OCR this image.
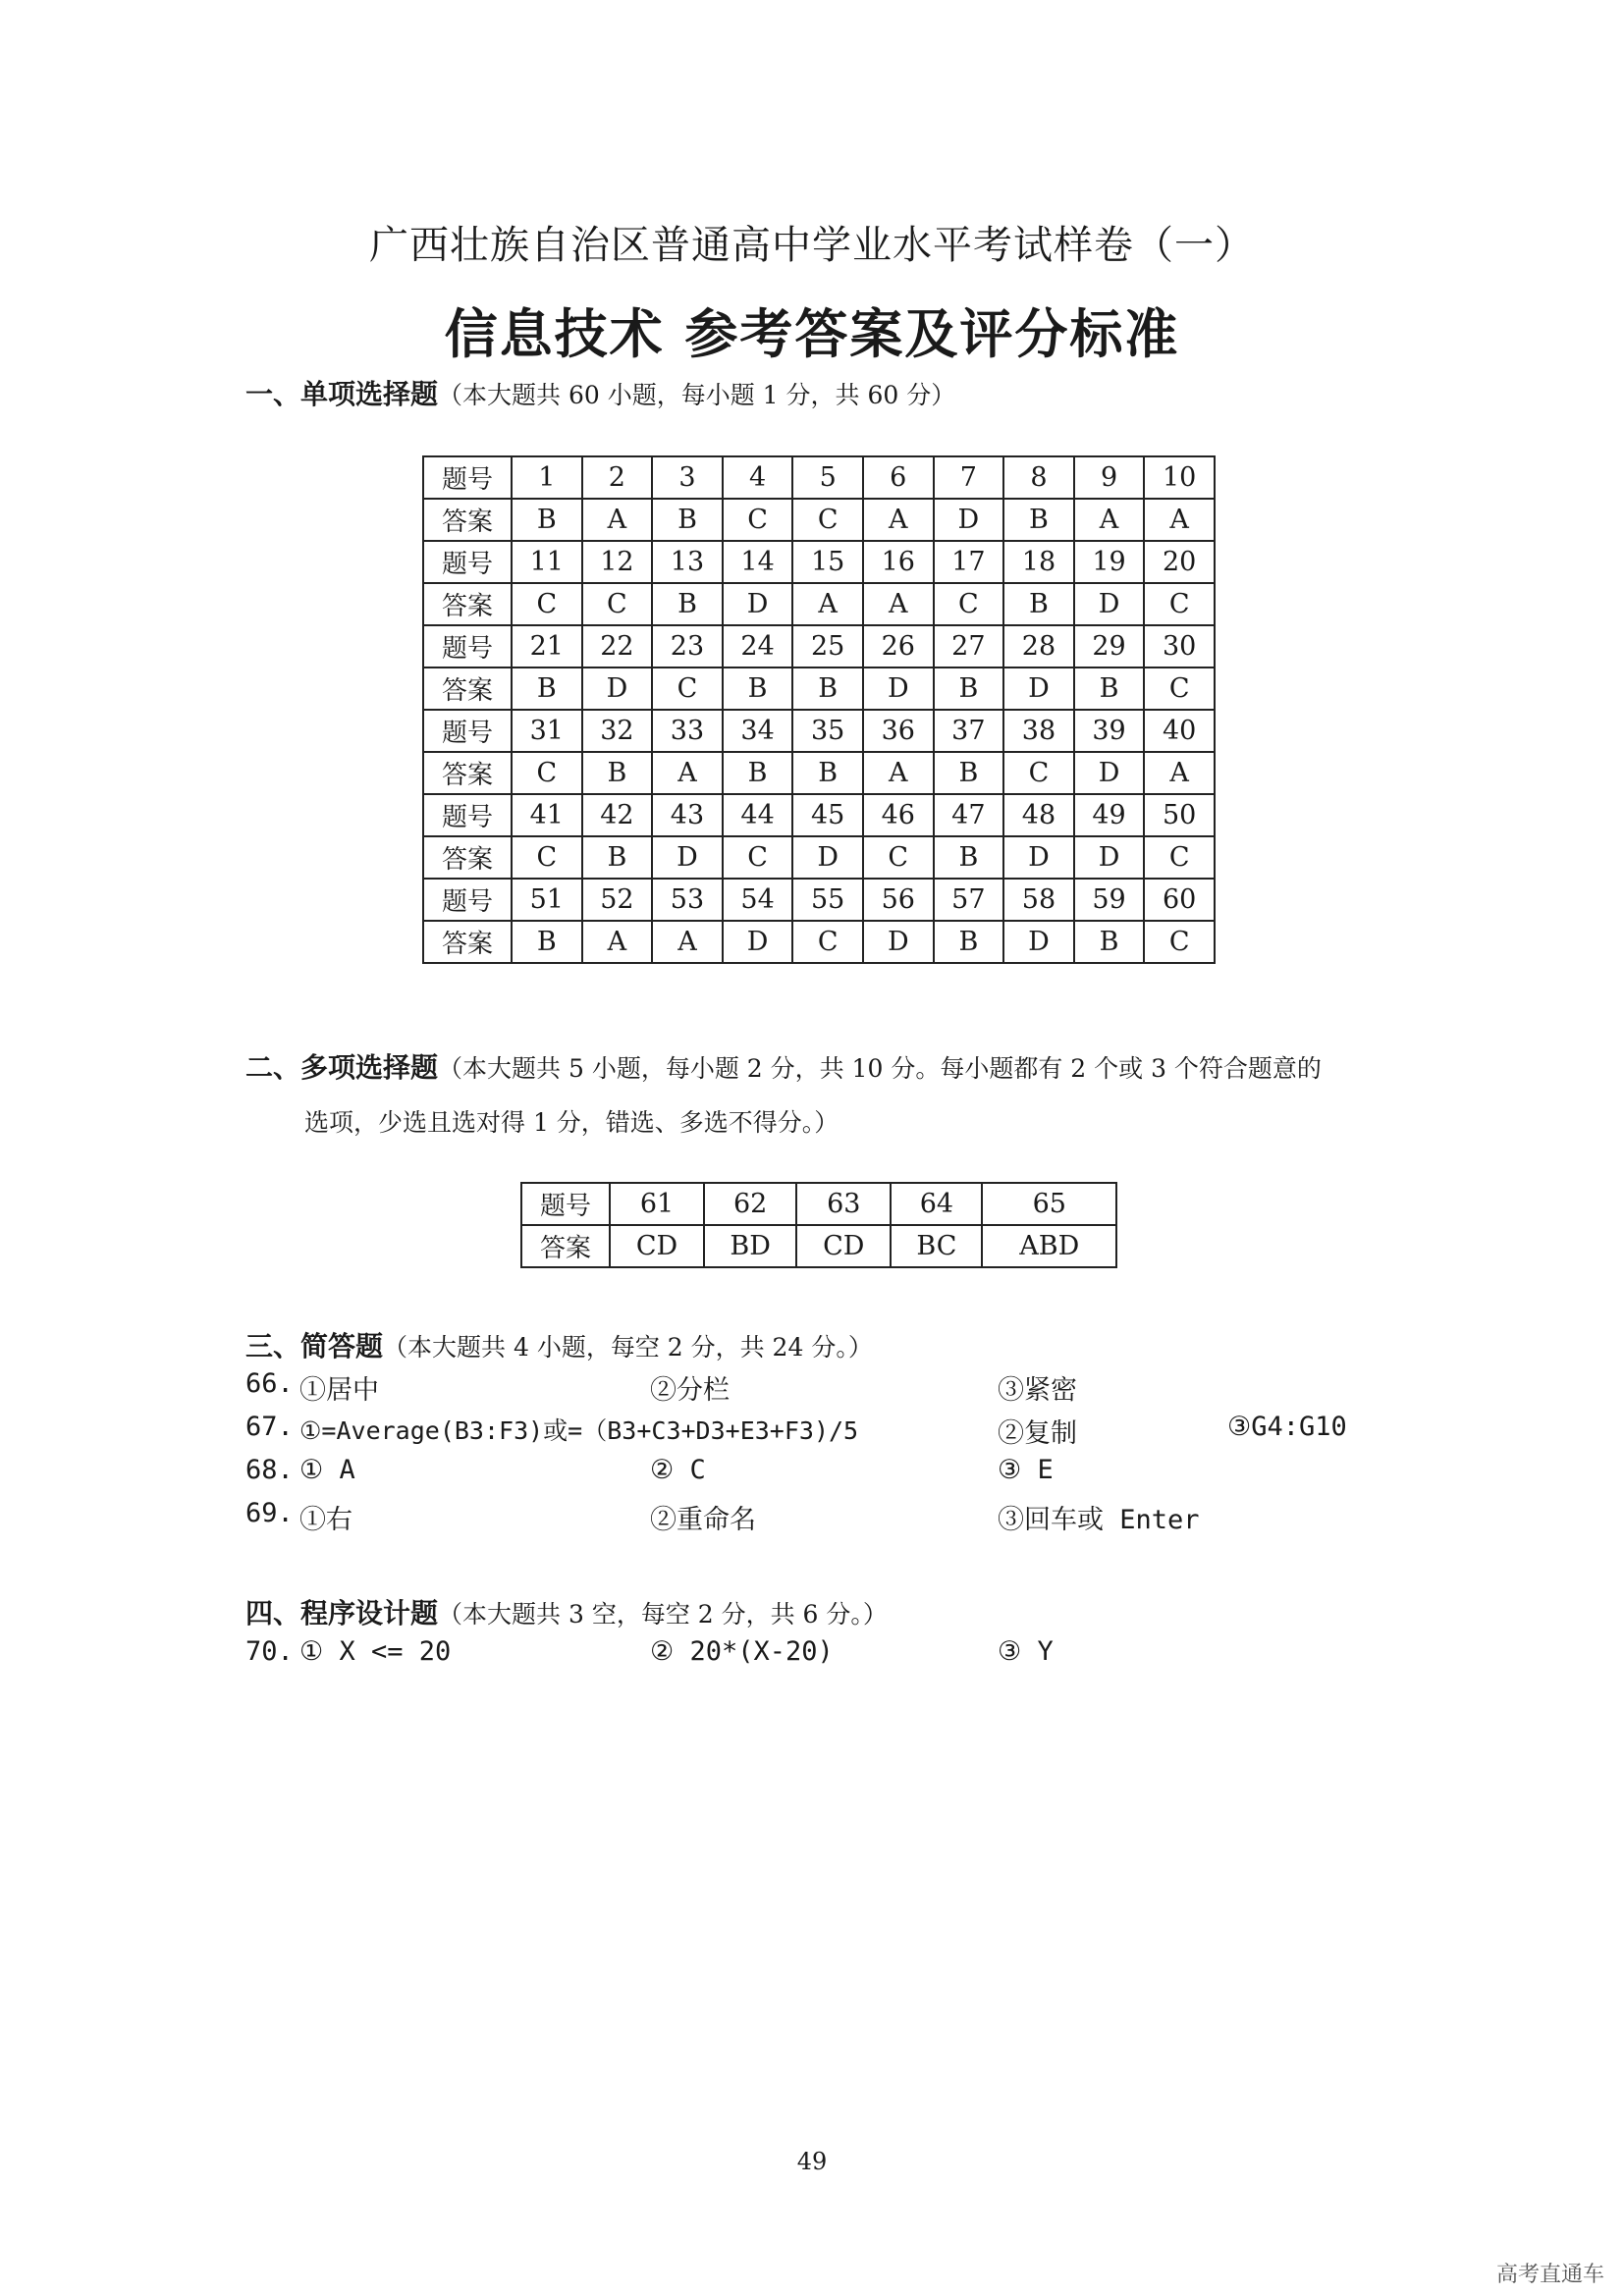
广西壮族自治区普通高中学业水平考试样卷（一）
信息技术 参考答案及评分标准
一、单项选择题（本大题共 60 小题，每小题 1 分，共 60 分）
题号	1	2	3	4	5	6	7	8	9	10
答案	B	A	B	C	C	A	D	B	A	A
题号	11	12	13	14	15	16	17	18	19	20
答案	C	C	B	D	A	A	C	B	D	C
题号	21	22	23	24	25	26	27	28	29	30
答案	B	D	C	B	B	D	B	D	B	C
题号	31	32	33	34	35	36	37	38	39	40
答案	C	B	A	B	B	A	B	C	D	A
题号	41	42	43	44	45	46	47	48	49	50
答案	C	B	D	C	D	C	B	D	D	C
题号	51	52	53	54	55	56	57	58	59	60
答案	B	A	A	D	C	D	B	D	B	C
二、多项选择题（本大题共 5 小题，每小题 2 分，共 10 分。每小题都有 2 个或 3 个符合题意的
选项，少选且选对得 1 分，错选、多选不得分。）
题号	61	62	63	64	65
答案	CD	BD	CD	BC	ABD
三、简答题（本大题共 4 小题，每空 2 分，共 24 分。）
66. ①居中	②分栏	③紧密
67. ①=Average(B3:F3)或=（B3+C3+D3+E3+F3)/5	②复制	③G4:G10
68. ① A	② C	③ E
69. ①右	②重命名	③回车或 Enter
四、程序设计题（本大题共 3 空，每空 2 分，共 6 分。）
70. ① X <= 20	② 20*(X-20)	③ Y
49
高考直通车
